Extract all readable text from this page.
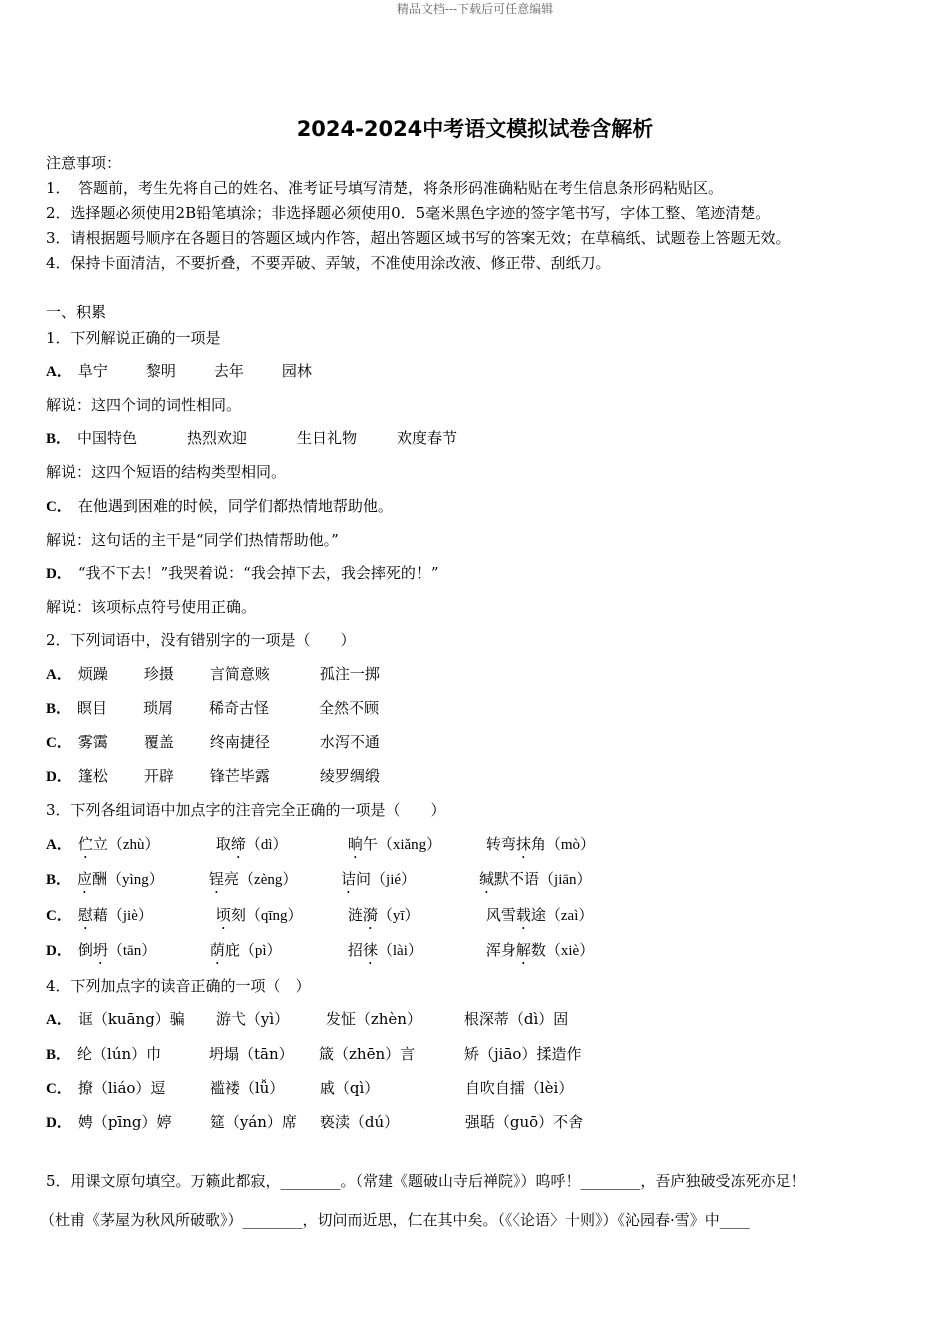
精品文档---下载后可任意编辑
2024-2024中考语文模拟试卷含解析
注意事项：
1．　答题前，考生先将自己的姓名、准考证号填写清楚，将条形码准确粘贴在考生信息条形码粘贴区。
2．选择题必须使用2B铅笔填涂；非选择题必须使用0．5毫米黑色字迹的签字笔书写，字体工整、笔迹清楚。
3．请根据题号顺序在各题目的答题区域内作答，超出答题区域书写的答案无效；在草稿纸、试题卷上答题无效。
4．保持卡面清洁，不要折叠，不要弄破、弄皱，不准使用涂改液、修正带、刮纸刀。
一、积累
1．下列解说正确的一项是
A． 阜宁	黎明	去年	园林
解说：这四个词的词性相同。
B． 中国特色	热烈欢迎	生日礼物	欢度春节
解说：这四个短语的结构类型相同。
C． 在他遇到困难的时候，同学们都热情地帮助他。
解说：这句话的主干是“同学们热情帮助他。”
D． “我不下去！”我哭着说：“我会掉下去，我会摔死的！”
解说：该项标点符号使用正确。
2．下列词语中，没有错别字的一项是（　　）
A． 烦躁 珍摄 言简意赅	孤注一掷
B． 瞑目 琐屑 稀奇古怪	全然不顾
C． 雾霭 覆盖 终南捷径	水泻不通
D． 篷松 开辟 锋芒毕露	绫罗绸缎
3．下列各组词语中加点字的注音完全正确的一项是（　　）
A． 伫立（zhù）	取缔（dì）	晌午（xiǎng）	转弯抹角（mò）
B． 应酬（yìng）	锃亮（zèng）	诘问（jié）	缄默不语（jiān）
C． 慰藉（jiè）	顷刻（qīng）	涟漪（yī）	风雪载途（zaì）
D． 倒坍（tān）	荫庇（pì）	招徕（lài）	浑身解数（xiè）
4．下列加点字的读音正确的一项（　）
A． 诓（kuāng）骗 游弋（yì） 发怔（zhèn）	根深蒂（dì）固
B． 纶（lún）巾	坍塌（tān） 箴（zhēn）言	矫（jiāo）揉造作
C． 撩（liáo）逗	褴褛（lǚ） 戚（qì）	自吹自擂（lèi）
D． 娉（pīng）婷	筵（yán）席 亵渎（dú）	强聒（guō）不舍
5．用课文原句填空。万籁此都寂，________。（常建《题破山寺后禅院》）呜呼！________，吾庐独破受冻死亦足！
（杜甫《茅屋为秋风所破歌》）________，切问而近思，仁在其中矣。（《〈论语〉十则》）《沁园春·雪》中____
